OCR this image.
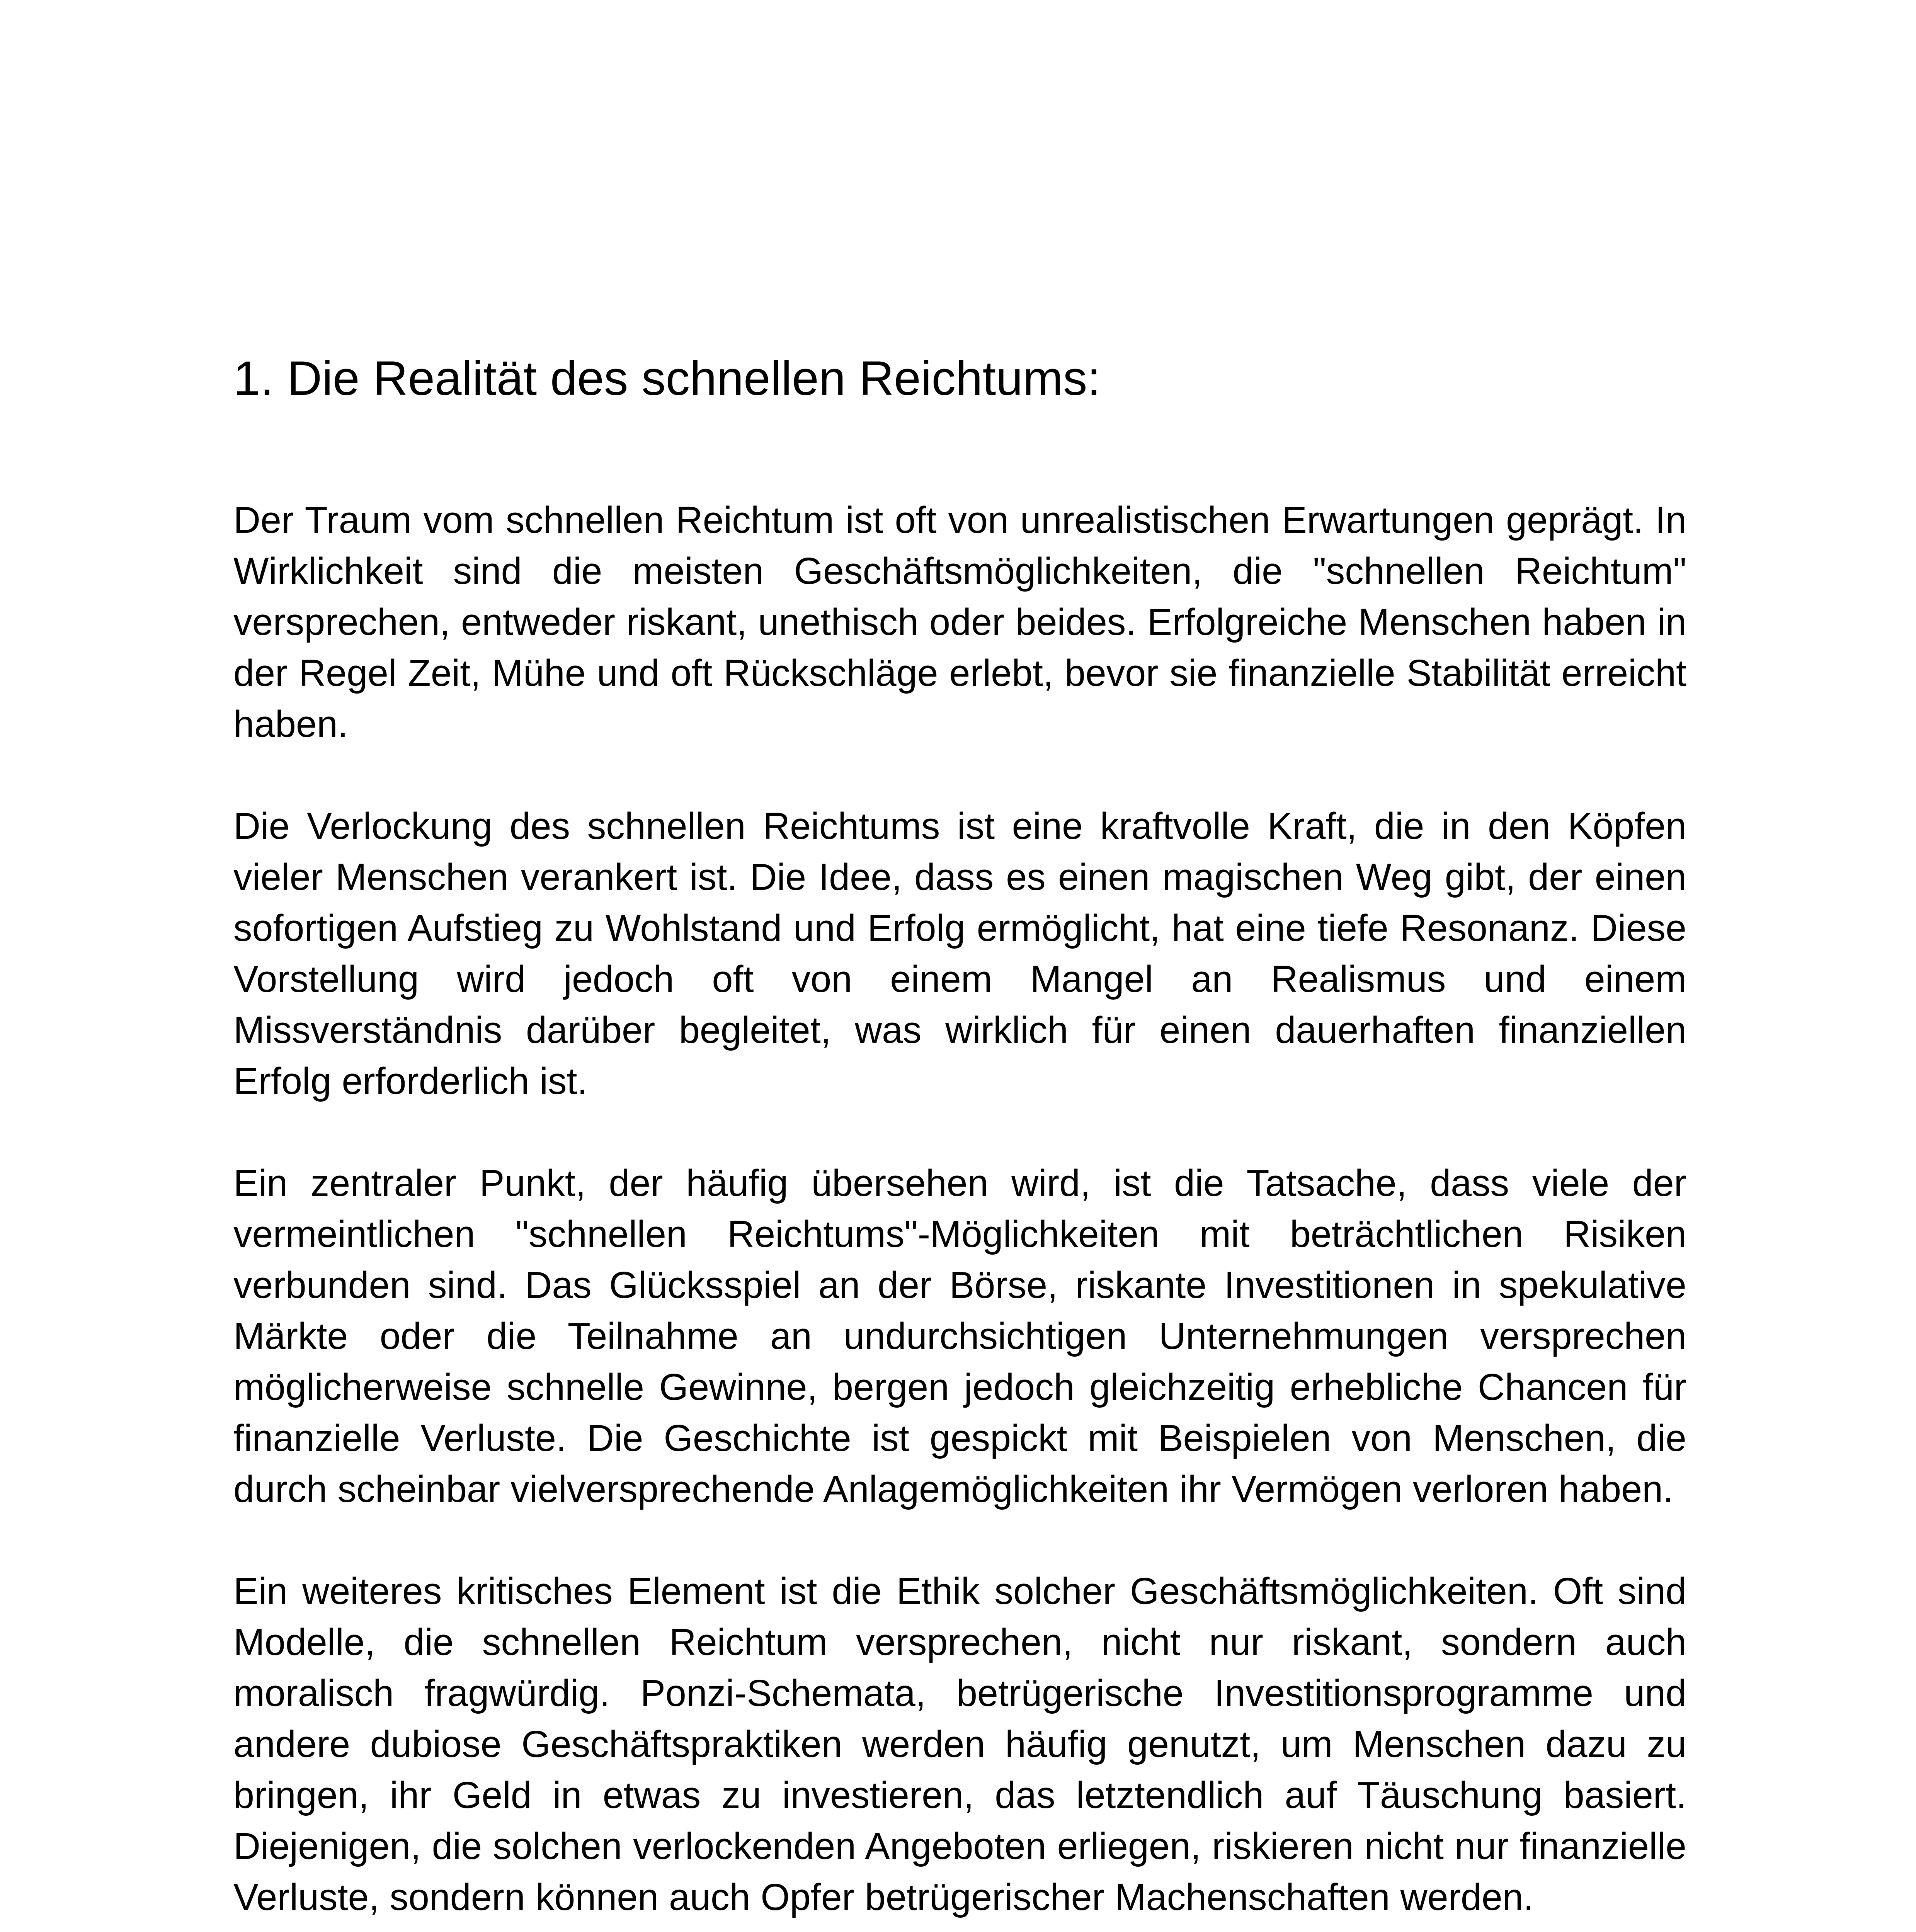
1. Die Realität des schnellen Reichtums:

Der Traum vom schnellen Reichtum ist oft von unrealistischen Erwartungen geprägt. In Wirklichkeit sind die meisten Geschäftsmöglichkeiten, die "schnellen Reichtum" versprechen, entweder riskant, unethisch oder beides. Erfolgreiche Menschen haben in der Regel Zeit, Mühe und oft Rückschläge erlebt, bevor sie finanzielle Stabilität erreicht haben.

Die Verlockung des schnellen Reichtums ist eine kraftvolle Kraft, die in den Köpfen vieler Menschen verankert ist. Die Idee, dass es einen magischen Weg gibt, der einen sofortigen Aufstieg zu Wohlstand und Erfolg ermöglicht, hat eine tiefe Resonanz. Diese Vorstellung wird jedoch oft von einem Mangel an Realismus und einem Missverständnis darüber begleitet, was wirklich für einen dauerhaften finanziellen Erfolg erforderlich ist.

Ein zentraler Punkt, der häufig übersehen wird, ist die Tatsache, dass viele der vermeintlichen "schnellen Reichtums"-Möglichkeiten mit beträchtlichen Risiken verbunden sind. Das Glücksspiel an der Börse, riskante Investitionen in spekulative Märkte oder die Teilnahme an undurchsichtigen Unternehmungen versprechen möglicherweise schnelle Gewinne, bergen jedoch gleichzeitig erhebliche Chancen für finanzielle Verluste. Die Geschichte ist gespickt mit Beispielen von Menschen, die durch scheinbar vielversprechende Anlagemöglichkeiten ihr Vermögen verloren haben.

Ein weiteres kritisches Element ist die Ethik solcher Geschäftsmöglichkeiten. Oft sind Modelle, die schnellen Reichtum versprechen, nicht nur riskant, sondern auch moralisch fragwürdig. Ponzi-Schemata, betrügerische Investitionsprogramme und andere dubiose Geschäftspraktiken werden häufig genutzt, um Menschen dazu zu bringen, ihr Geld in etwas zu investieren, das letztendlich auf Täuschung basiert. Diejenigen, die solchen verlockenden Angeboten erliegen, riskieren nicht nur finanzielle Verluste, sondern können auch Opfer betrügerischer Machenschaften werden.
